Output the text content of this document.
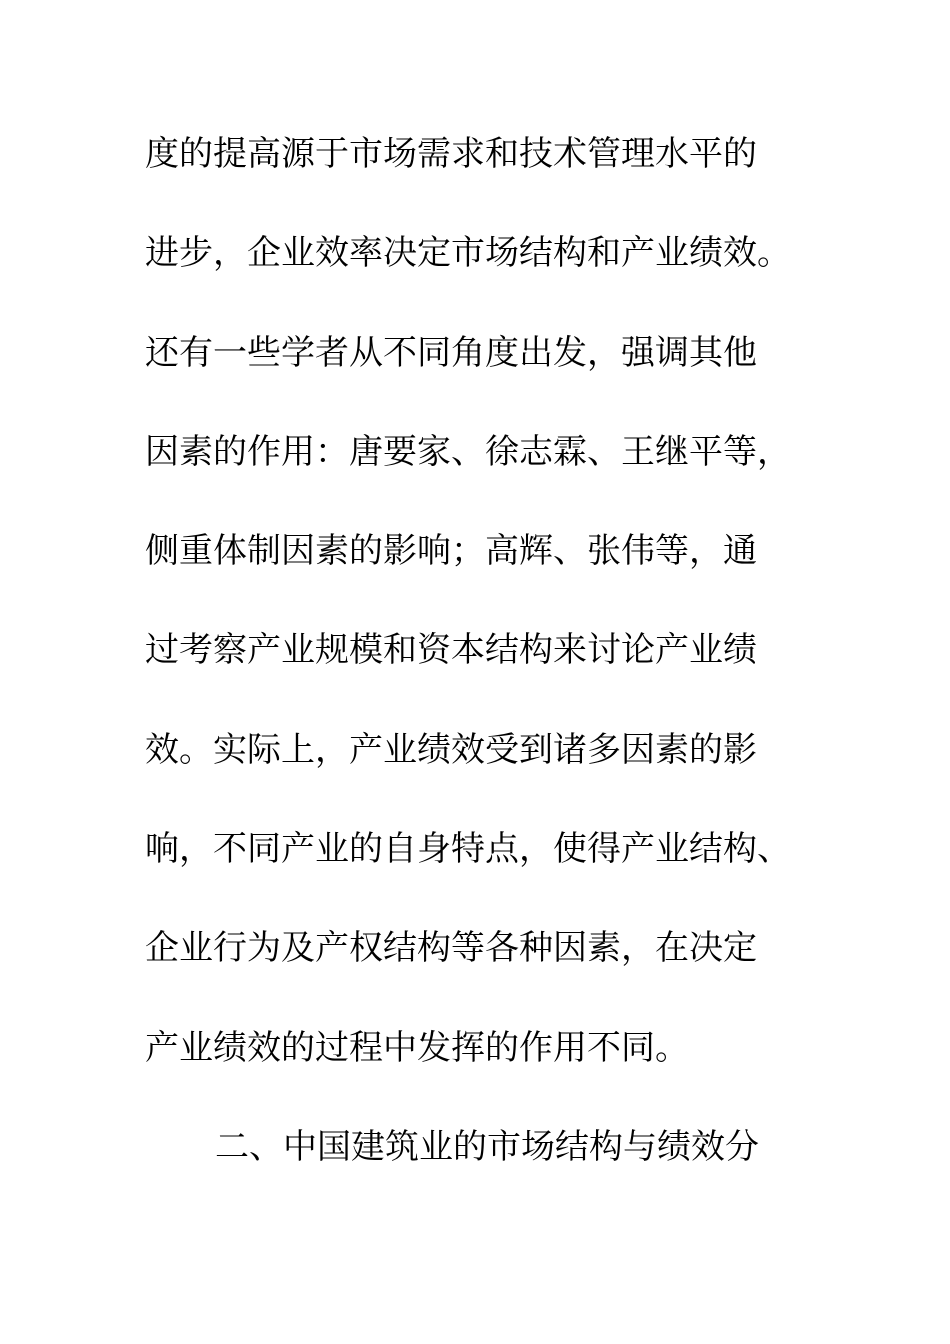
度的提高源于市场需求和技术管理水平的
进步，企业效率决定市场结构和产业绩效。
还有一些学者从不同角度出发，强调其他
因素的作用：唐要家、徐志霖、王继平等，
侧重体制因素的影响；高辉、张伟等，通
过考察产业规模和资本结构来讨论产业绩
效。实际上，产业绩效受到诸多因素的影
响，不同产业的自身特点，使得产业结构、
企业行为及产权结构等各种因素，在决定
产业绩效的过程中发挥的作用不同。
二、中国建筑业的市场结构与绩效分
